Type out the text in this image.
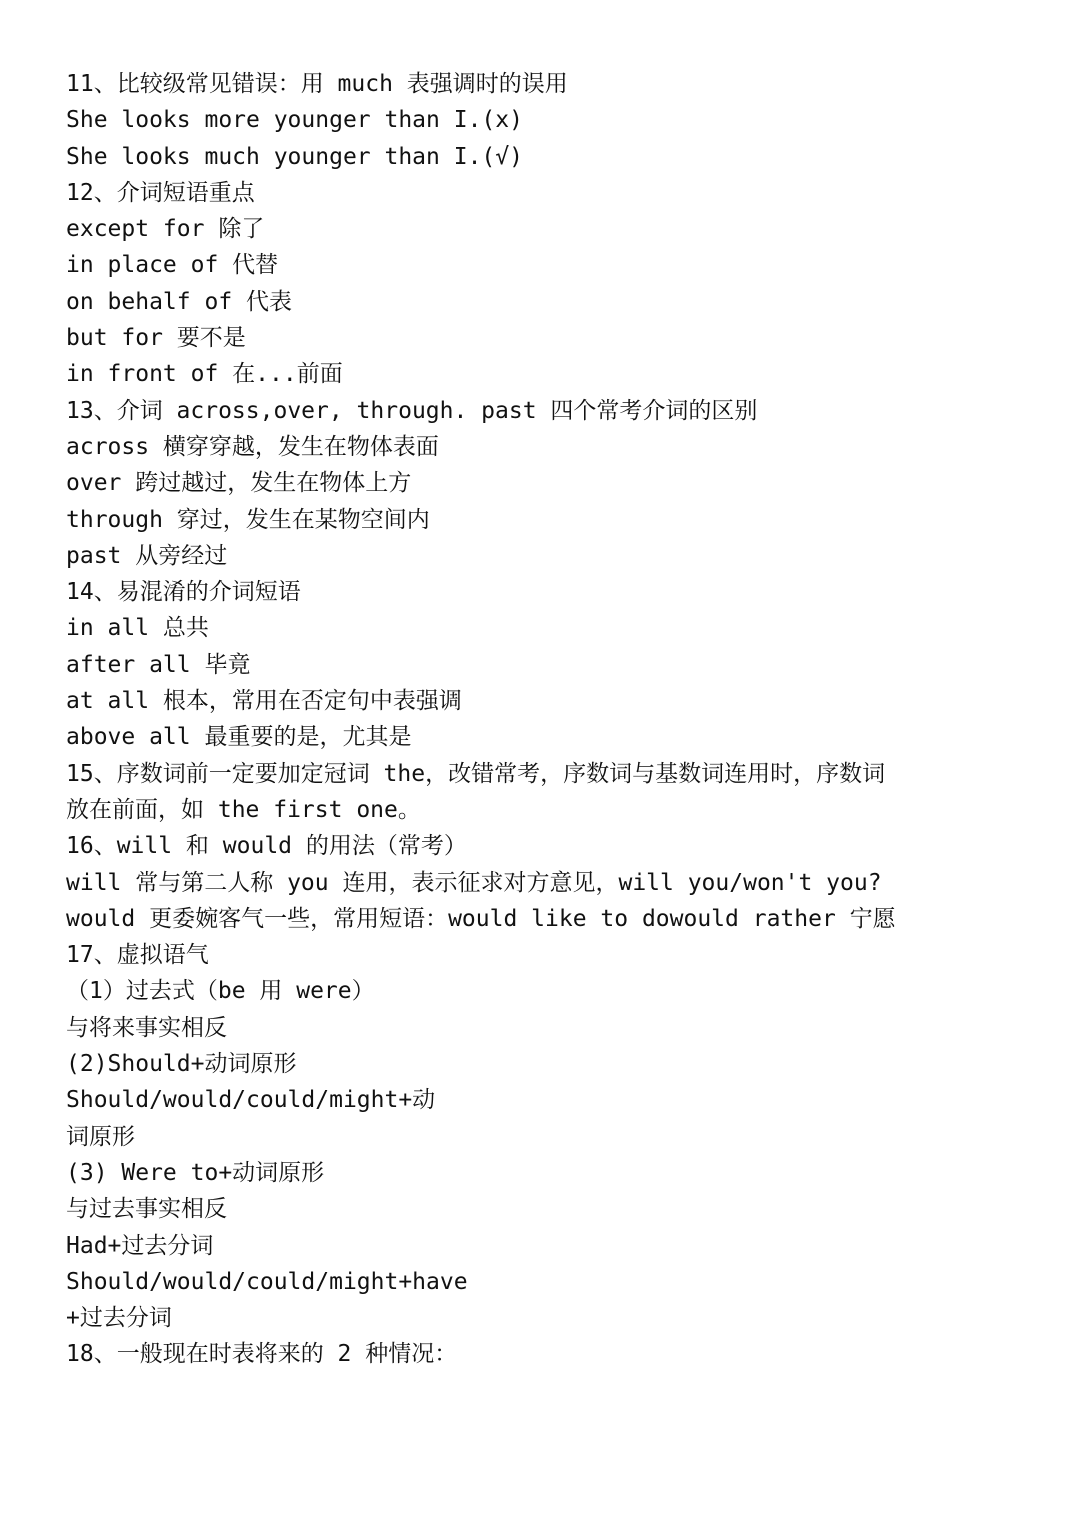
11、比较级常见错误：用 much 表强调时的误用
She looks more younger than I.(x)
She looks much younger than I.(√)
12、介词短语重点
except for 除了
in place of 代替
on behalf of 代表
but for 要不是
in front of 在...前面
13、介词 across,over, through. past 四个常考介词的区别
across 横穿穿越，发生在物体表面
over 跨过越过，发生在物体上方
through 穿过，发生在某物空间内
past 从旁经过
14、易混淆的介词短语
in all 总共
after all 毕竟
at all 根本，常用在否定句中表强调
above all 最重要的是，尤其是
15、序数词前一定要加定冠词 the，改错常考，序数词与基数词连用时，序数词
放在前面，如 the first one。
16、will 和 would 的用法（常考）
will 常与第二人称 you 连用，表示征求对方意见，will you/won't you?
would 更委婉客气一些，常用短语：would like to dowould rather 宁愿
17、虚拟语气
（1）过去式（be 用 were）
与将来事实相反
(2)Should+动词原形
Should/would/could/might+动
词原形
(3) Were to+动词原形
与过去事实相反
Had+过去分词
Should/would/could/might+have
+过去分词
18、一般现在时表将来的 2 种情况：
